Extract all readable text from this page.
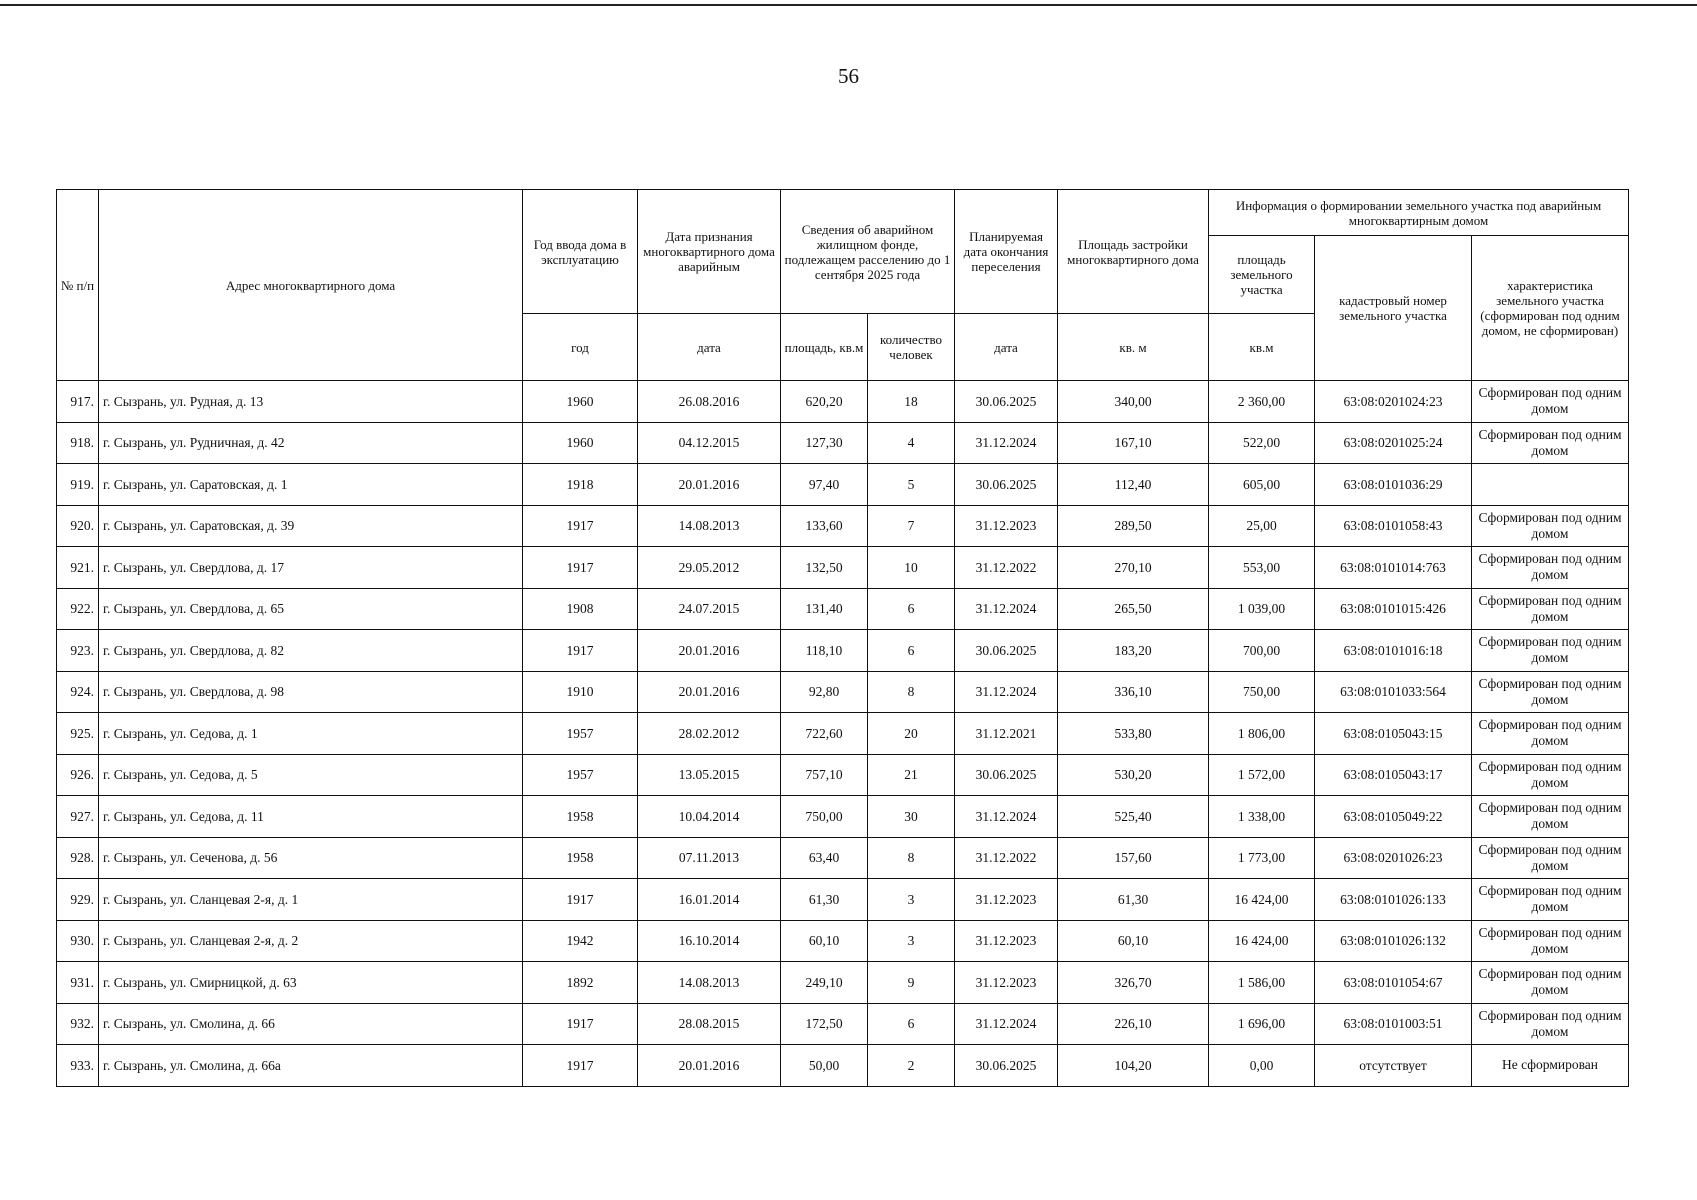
56
№ п/п	Адрес многоквартирного дома	Год ввода дома в эксплуатацию	Дата признания многоквартирного дома аварийным	Сведения об аварийном жилищном фонде, подлежащем расселению до 1 сентября 2025 года		Планируемая дата окончания переселения	Площадь застройки многоквартирного дома	Информация о формировании земельного участка под аварийным многоквартирным домом		
								площадь земельного участка	кадастровый номер земельного участка	характеристика земельного участка (сформирован под одним домом, не сформирован)
		год	дата	площадь, кв.м	количество человек	дата	кв. м	кв.м		
917.	г. Сызрань, ул. Рудная, д. 13	1960	26.08.2016	620,20	18	30.06.2025	340,00	2 360,00	63:08:0201024:23	Сформирован под одним домом
918.	г. Сызрань, ул. Рудничная, д. 42	1960	04.12.2015	127,30	4	31.12.2024	167,10	522,00	63:08:0201025:24	Сформирован под одним домом
919.	г. Сызрань, ул. Саратовская, д. 1	1918	20.01.2016	97,40	5	30.06.2025	112,40	605,00	63:08:0101036:29	
920.	г. Сызрань, ул. Саратовская, д. 39	1917	14.08.2013	133,60	7	31.12.2023	289,50	25,00	63:08:0101058:43	Сформирован под одним домом
921.	г. Сызрань, ул. Свердлова, д. 17	1917	29.05.2012	132,50	10	31.12.2022	270,10	553,00	63:08:0101014:763	Сформирован под одним домом
922.	г. Сызрань, ул. Свердлова, д. 65	1908	24.07.2015	131,40	6	31.12.2024	265,50	1 039,00	63:08:0101015:426	Сформирован под одним домом
923.	г. Сызрань, ул. Свердлова, д. 82	1917	20.01.2016	118,10	6	30.06.2025	183,20	700,00	63:08:0101016:18	Сформирован под одним домом
924.	г. Сызрань, ул. Свердлова, д. 98	1910	20.01.2016	92,80	8	31.12.2024	336,10	750,00	63:08:0101033:564	Сформирован под одним домом
925.	г. Сызрань, ул. Седова, д. 1	1957	28.02.2012	722,60	20	31.12.2021	533,80	1 806,00	63:08:0105043:15	Сформирован под одним домом
926.	г. Сызрань, ул. Седова, д. 5	1957	13.05.2015	757,10	21	30.06.2025	530,20	1 572,00	63:08:0105043:17	Сформирован под одним домом
927.	г. Сызрань, ул. Седова, д. 11	1958	10.04.2014	750,00	30	31.12.2024	525,40	1 338,00	63:08:0105049:22	Сформирован под одним домом
928.	г. Сызрань, ул. Сеченова, д. 56	1958	07.11.2013	63,40	8	31.12.2022	157,60	1 773,00	63:08:0201026:23	Сформирован под одним домом
929.	г. Сызрань, ул. Сланцевая 2-я, д. 1	1917	16.01.2014	61,30	3	31.12.2023	61,30	16 424,00	63:08:0101026:133	Сформирован под одним домом
930.	г. Сызрань, ул. Сланцевая 2-я, д. 2	1942	16.10.2014	60,10	3	31.12.2023	60,10	16 424,00	63:08:0101026:132	Сформирован под одним домом
931.	г. Сызрань, ул. Смирницкой, д. 63	1892	14.08.2013	249,10	9	31.12.2023	326,70	1 586,00	63:08:0101054:67	Сформирован под одним домом
932.	г. Сызрань, ул. Смолина, д. 66	1917	28.08.2015	172,50	6	31.12.2024	226,10	1 696,00	63:08:0101003:51	Сформирован под одним домом
933.	г. Сызрань, ул. Смолина, д. 66а	1917	20.01.2016	50,00	2	30.06.2025	104,20	0,00	отсутствует	Не сформирован
